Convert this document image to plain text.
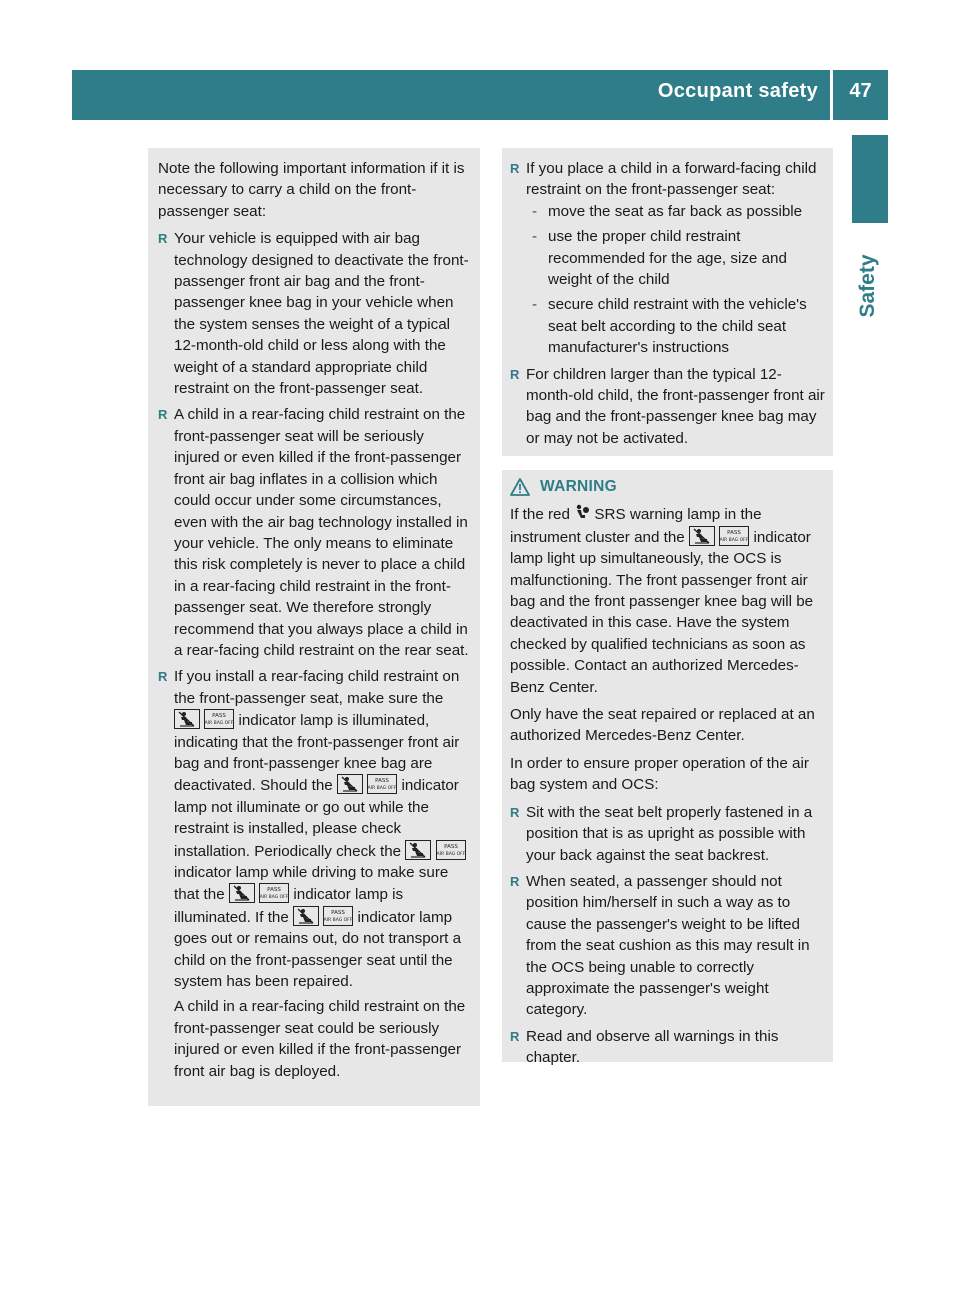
Occupant safety	47
Safety

Note the following important information if it is necessary to carry a child on the front-passenger seat:

R Your vehicle is equipped with air bag technology designed to deactivate the front-passenger front air bag and the front-passenger knee bag in your vehicle when the system senses the weight of a typical 12-month-old child or less along with the weight of a standard appropriate child restraint on the front-passenger seat.
R A child in a rear-facing child restraint on the front-passenger seat will be seriously injured or even killed if the front-passenger front air bag inflates in a collision which could occur under some circumstances, even with the air bag technology installed in your vehicle. The only means to eliminate this risk completely is never to place a child in a rear-facing child restraint in the front-passenger seat. We therefore strongly recommend that you always place a child in a rear-facing child restraint on the rear seat.
R If you install a rear-facing child restraint on the front-passenger seat, make sure the
PASS
AIR BAG OFF indicator lamp is illuminated, indicating that the front-passenger front air bag and front-passenger knee bag are deactivated. Should the	PASS
AIR BAG OFF indicator lamp not illuminate or go out while the restraint is installed, please check installation. Periodically check the	PASS
AIR BAG OFF
indicator lamp while driving to make sure that the	PASS
AIR BAG OFF indicator lamp is illuminated. If the	PASS
AIR BAG OFF indicator lamp goes out or remains out, do not transport a child on the front-passenger seat until the system has been repaired.
A child in a rear-facing child restraint on the front-passenger seat could be seriously injured or even killed if the front-passenger front air bag is deployed.
R If you place a child in a forward-facing child restraint on the front-passenger seat:
- move the seat as far back as possible
- use the proper child restraint recommended for the age, size and weight of the child
- secure child restraint with the vehicle's seat belt according to the child seat manufacturer's instructions
R For children larger than the typical 12-month-old child, the front-passenger front air bag and the front-passenger knee bag may or may not be activated.
WARNING

If the red SRS warning lamp in the instrument cluster and the	PASS
AIR BAG OFF indicator lamp light up simultaneously, the OCS is malfunctioning. The front passenger front air bag and the front passenger knee bag will be deactivated in this case. Have the system checked by qualified technicians as soon as possible. Contact an authorized Mercedes-Benz Center.

Only have the seat repaired or replaced at an authorized Mercedes-Benz Center.

In order to ensure proper operation of the air bag system and OCS:

R Sit with the seat belt properly fastened in a position that is as upright as possible with your back against the seat backrest.
R When seated, a passenger should not position him/herself in such a way as to cause the passenger's weight to be lifted from the seat cushion as this may result in the OCS being unable to correctly approximate the passenger's weight category.
R Read and observe all warnings in this chapter.
